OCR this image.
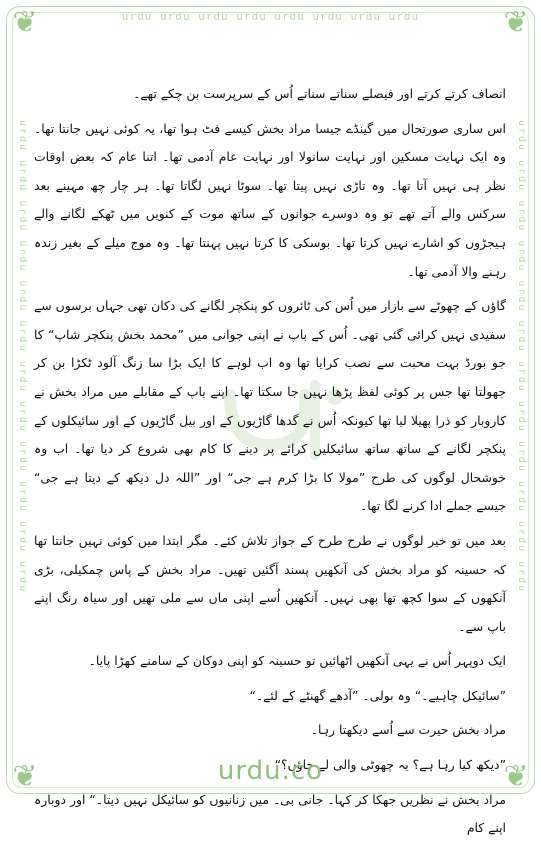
❦	❦
❦	❦
urdu urdu urdu urdu urdu urdu urdu urdu
urdu urdu urdu urdu urdu urdu urdu urdu urdu urdu urdu urdu	urdu urdu urdu urdu urdu urdu urdu urdu urdu urdu urdu urdu

انصاف کرتے کرتے اور فیصلے سناتے سناتے اُس کے سرپرست بن چکے تھے۔

اس ساری صورتحال میں گینڈے جیسا مراد بخش کیسے فٹ ہوا تھا، یہ کوئی نہیں جانتا تھا۔ وہ ایک نہایت مسکین اور نہایت سانولا اور نہایت عام آدمی تھا۔ اتنا عام کہ بعض اوقات نظر ہی نہیں آتا تھا۔ وہ تاڑی نہیں پیتا تھا۔ سوٹا نہیں لگاتا تھا۔ ہر چار چھ مہینے بعد سرکس والے آتے تھے تو وہ دوسرے جوانوں کے ساتھ موت کے کنویں میں ٹھکے لگانے والے ہیجڑوں کو اشارے نہیں کرتا تھا۔ بوسکی کا کرتا نہیں پہنتا تھا۔ وہ موج میلے کے بغیر زندہ رہنے والا آدمی تھا۔

گاؤں کے چھوٹے سے بازار میں اُس کی ٹائروں کو پنکچر لگانے کی دکان تھی جہاں برسوں سے سفیدی نہیں کرائی گئی تھی۔ اُس کے باپ نے اپنی جوانی میں ”محمد بخش پنکچر شاپ“ کا جو بورڈ بہت محبت سے نصب کرایا تھا وہ اب لوہے کا ایک بڑا سا زنگ آلود ٹکڑا بن کر جھولتا تھا جس پر کوئی لفظ پڑھا نہیں جا سکتا تھا۔ اپنے باپ کے مقابلے میں مراد بخش نے کاروبار کو ذرا پھیلا لیا تھا کیونکہ اُس نے گدھا گاڑیوں کے اور بیل گاڑیوں کے اور سائیکلوں کے پنکچر لگانے کے ساتھ ساتھ سائیکلیں کرائے پر دینے کا کام بھی شروع کر دیا تھا۔ اب وہ خوشحال لوگوں کی طرح ”مولا کا بڑا کرم ہے جی“ اور ”اللہ دل دیکھ کے دیتا ہے جی“ جیسے جملے ادا کرنے لگا تھا۔

بعد میں تو خیر لوگوں نے طرح طرح کے جواز تلاش کئے۔ مگر ابتدا میں کوئی نہیں جانتا تھا کہ حسینہ کو مراد بخش کی آنکھیں پسند آگئیں تھیں۔ مراد بخش کے پاس چمکیلی، بڑی آنکھوں کے سوا کچھ تھا بھی نہیں۔ آنکھیں اُسے اپنی ماں سے ملی تھیں اور سیاہ رنگ اپنے باپ سے۔

ایک دوپہر اُس نے یہی آنکھیں اٹھائیں تو حسینہ کو اپنی دوکان کے سامنے کھڑا پایا۔

”سائیکل چاہیے۔“ وہ بولی۔ ”آدھے گھنٹے کے لئے۔“

مراد بخش حیرت سے اُسے دیکھتا رہا۔

”دیکھ کیا رہا ہے؟ یہ چھوٹی والی لے جاؤں؟“

مراد بخش نے نظریں جھکا کر کہا۔ جانی بی۔ میں زنانیوں کو سائیکل نہیں دیتا۔“ اور دوبارہ اپنے کام

urdu.co
